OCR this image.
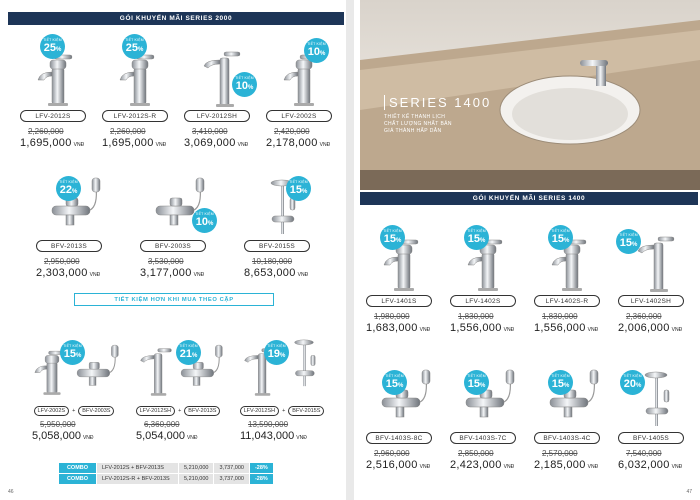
GÓI KHUYẾN MÃI SERIES 2000
TIẾT KIỆM
25%
LFV-2012S
2,260,000
1,695,000 VNĐ
TIẾT KIỆM
25%
LFV-2012S-R
2,260,000
1,695,000 VNĐ
TIẾT KIỆM
10%
LFV-2012SH
3,410,000
3,069,000 VNĐ
TIẾT KIỆM
10%
LFV-2002S
2,420,000
2,178,000 VNĐ
TIẾT KIỆM
22%
BFV-2013S
2,950,000
2,303,000 VNĐ
TIẾT KIỆM
10%
BFV-2003S
3,530,000
3,177,000 VNĐ
TIẾT KIỆM
15%
BFV-2015S
10,180,000
8,653,000 VNĐ
TIẾT KIỆM HƠN KHI MUA THEO CẶP
TIẾT KIỆM
15%
LFV-2002S	+	BFV-2003S
5,950,000
5,058,000 VNĐ
TIẾT KIỆM
21%
LFV-2012SH	+	BFV-2013S
6,360,000
5,054,000 VNĐ
TIẾT KIỆM
19%
LFV-2012SH	+	BFV-2015S
13,590,000
11,043,000 VNĐ
COMBO	LFV-2012S + BFV-2013S	5,210,000	3,737,000	-28%
COMBO	LFV-2012S-R + BFV-2013S	5,210,000	3,737,000	-28%
46
SERIES 1400
THIẾT KẾ THANH LỊCH
CHẤT LƯỢNG NHẤT BẢN
GIÁ THÀNH HẤP DẪN
GÓI KHUYẾN MÃI SERIES 1400
TIẾT KIỆM
15%
LFV-1401S
1,980,000
1,683,000 VNĐ
TIẾT KIỆM
15%
LFV-1402S
1,830,000
1,556,000 VNĐ
TIẾT KIỆM
15%
LFV-1402S-R
1,830,000
1,556,000 VNĐ
TIẾT KIỆM
15%
LFV-1402SH
2,360,000
2,006,000 VNĐ
TIẾT KIỆM
15%
BFV-1403S-8C
2,960,000
2,516,000 VNĐ
TIẾT KIỆM
15%
BFV-1403S-7C
2,850,000
2,423,000 VNĐ
TIẾT KIỆM
15%
BFV-1403S-4C
2,570,000
2,185,000 VNĐ
TIẾT KIỆM
20%
BFV-1405S
7,540,000
6,032,000 VNĐ
47
